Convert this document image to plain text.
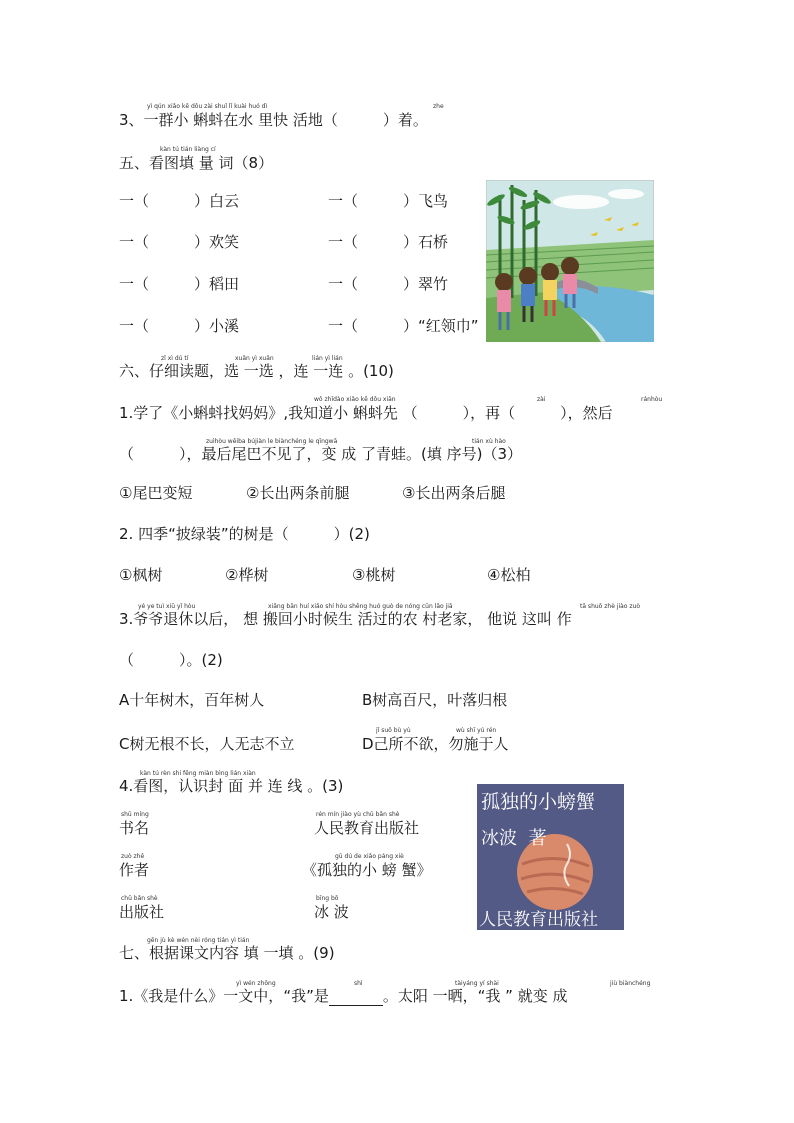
yì qún xiǎo kē dǒu zài shuǐ lǐ kuài huó dì	zhe
3、一群小 蝌蚪在水 里快 活地（　　　）着。
kàn tú tián liàng cí
五、看图填 量 词（8）
一（　　　）白云	一（　　　）飞鸟
一（　　　）欢笑	一（　　　）石桥
一（　　　）稻田	一（　　　）翠竹
一（　　　）小溪	一（　　　）“红领巾”
zǐ xì dú tí	xuǎn yì xuǎn	lián yì lián
六、仔细读题，选 一选 ，连 一连 。(10)
wǒ zhīdào xiǎo kē dǒu xiān	zài	ránhòu
1.学了《小蝌蚪找妈妈》,我知道小 蝌蚪先 （　　　），再（　　　），然后
zuìhòu wěiba bújiàn le biànchéng le qīngwā	tián xù hào
（　　　），最后尾巴不见了，变 成 了青蛙。(填 序号)（3）
①尾巴变短	②长出两条前腿	③长出两条后腿
2. 四季“披绿装”的树是（　　　）(2)
①枫树	②桦树	③桃树	④松柏
yé ye tuì xiū yǐ hòu	xiǎng bān huí xiǎo shí hòu shēng huó guò de nóng cūn lǎo jiā	tā shuō zhè jiào zuò
3.爷爷退休以后， 想 搬回小时候生 活过的农 村老家， 他说 这叫 作
（　　　）。(2)
A十年树木，百年树人	B树高百尺，叶落归根
jǐ suǒ bù yù	wù shī yú rén
C树无根不长，人无志不立	D己所不欲，勿施于人
kàn tú rèn shi fēng miàn bìng lián xiàn
4.看图，认识封 面 并 连 线 。(3)
shū míng
书名
zuò zhě
作者
chū bǎn shè
出版社
rén mín jiào yù chū bǎn shè
人民教育出版社
gū dú de xiǎo páng xiè
《孤独的小 螃 蟹》
bīng bō
冰 波
孤独的小螃蟹
冰波  著
人民教育出版社
gēn jù kè wén nèi róng tián yì tián
七、根据课文内容 填 一填 。(9)
yì wén zhōng	shì	tàiyáng yí shài	jiù biànchéng
1.《我是什么》一文中，“我”是	。太阳 一晒，“我 ” 就变 成
